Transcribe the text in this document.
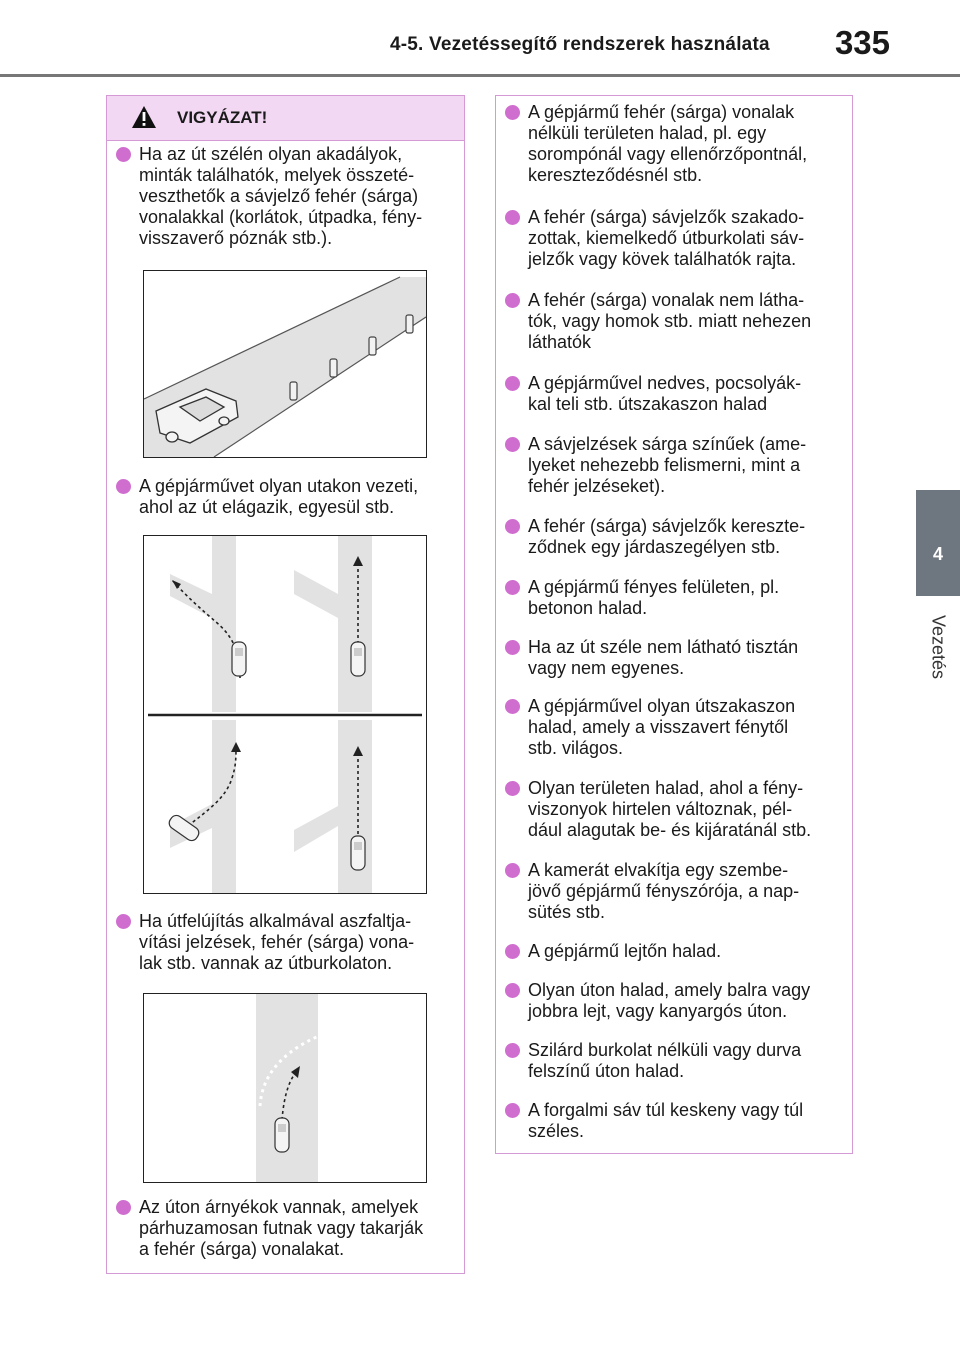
4-5. Vezetéssegítő rendszerek használata 335
4
Vezetés
VIGYÁZAT!
Ha az út szélén olyan akadályok,
minták találhatók, melyek összeté-
veszthetők a sávjelző fehér (sárga)
vonalakkal (korlátok, útpadka, fény-
visszaverő póznák stb.).
A gépjárművet olyan utakon vezeti,
ahol az út elágazik, egyesül stb.
Ha útfelújítás alkalmával aszfaltja-
vítási jelzések, fehér (sárga) vona-
lak stb. vannak az útburkolaton.
Az úton árnyékok vannak, amelyek
párhuzamosan futnak vagy takarják
a fehér (sárga) vonalakat.
A gépjármű fehér (sárga) vonalak
nélküli területen halad, pl. egy
sorompónál vagy ellenőrzőpontnál,
kereszteződésnél stb.
A fehér (sárga) sávjelzők szakado-
zottak, kiemelkedő útburkolati sáv-
jelzők vagy kövek találhatók rajta.
A fehér (sárga) vonalak nem látha-
tók, vagy homok stb. miatt nehezen
láthatók
A gépjárművel nedves, pocsolyák-
kal teli stb. útszakaszon halad
A sávjelzések sárga színűek (ame-
lyeket nehezebb felismerni, mint a
fehér jelzéseket).
A fehér (sárga) sávjelzők kereszte-
ződnek egy járdaszegélyen stb.
A gépjármű fényes felületen, pl.
betonon halad.
Ha az út széle nem látható tisztán
vagy nem egyenes.
A gépjárművel olyan útszakaszon
halad, amely a visszavert fénytől
stb. világos.
Olyan területen halad, ahol a fény-
viszonyok hirtelen változnak, pél-
dául alagutak be- és kijáratánál stb.
A kamerát elvakítja egy szembe-
jövő gépjármű fényszórója, a nap-
sütés stb.
A gépjármű lejtőn halad.
Olyan úton halad, amely balra vagy
jobbra lejt, vagy kanyargós úton.
Szilárd burkolat nélküli vagy durva
felszínű úton halad.
A forgalmi sáv túl keskeny vagy túl
széles.
